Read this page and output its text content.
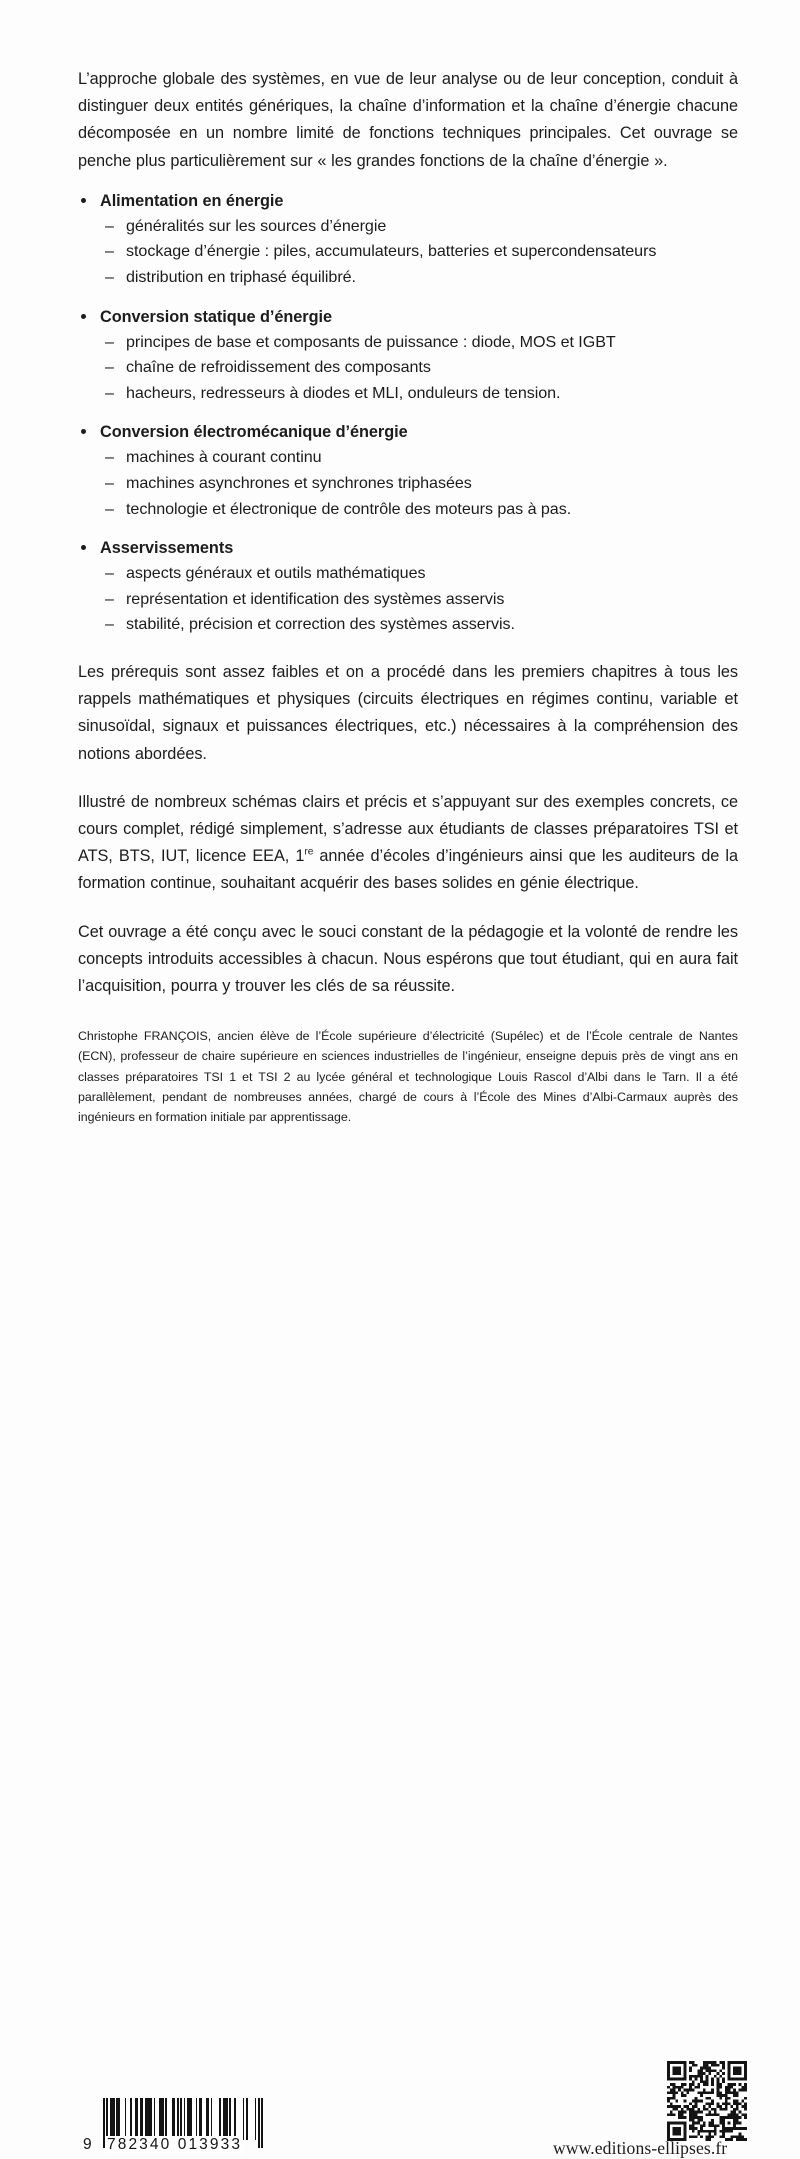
L’approche globale des systèmes, en vue de leur analyse ou de leur conception, conduit à distinguer deux entités génériques, la chaîne d’information et la chaîne d’énergie chacune décomposée en un nombre limité de fonctions techniques principales. Cet ouvrage se penche plus particulièrement sur « les grandes fonctions de la chaîne d’énergie ».

Alimentation en énergie
– généralités sur les sources d’énergie
– stockage d’énergie : piles, accumulateurs, batteries et supercondensateurs
– distribution en triphasé équilibré.
Conversion statique d’énergie
– principes de base et composants de puissance : diode, MOS et IGBT
– chaîne de refroidissement des composants
– hacheurs, redresseurs à diodes et MLI, onduleurs de tension.
Conversion électromécanique d’énergie
– machines à courant continu
– machines asynchrones et synchrones triphasées
– technologie et électronique de contrôle des moteurs pas à pas.
Asservissements
– aspects généraux et outils mathématiques
– représentation et identification des systèmes asservis
– stabilité, précision et correction des systèmes asservis.

Les prérequis sont assez faibles et on a procédé dans les premiers chapitres à tous les rappels mathématiques et physiques (circuits électriques en régimes continu, variable et sinusoïdal, signaux et puissances électriques, etc.) nécessaires à la compréhension des notions abordées.

Illustré de nombreux schémas clairs et précis et s’appuyant sur des exemples concrets, ce cours complet, rédigé simplement, s’adresse aux étudiants de classes préparatoires TSI et ATS, BTS, IUT, licence EEA, 1re année d’écoles d’ingénieurs ainsi que les auditeurs de la formation continue, souhaitant acquérir des bases solides en génie électrique.

Cet ouvrage a été conçu avec le souci constant de la pédagogie et la volonté de rendre les concepts introduits accessibles à chacun. Nous espérons que tout étudiant, qui en aura fait l’acquisition, pourra y trouver les clés de sa réussite.

Christophe FRANÇOIS, ancien élève de l’École supérieure d’électricité (Supélec) et de l’École centrale de Nantes (ECN), professeur de chaire supérieure en sciences industrielles de l’ingénieur, enseigne depuis près de vingt ans en classes préparatoires TSI 1 et TSI 2 au lycée général et technologique Louis Rascol d’Albi dans le Tarn. Il a été parallèlement, pendant de nombreuses années, chargé de cours à l’École des Mines d’Albi-Carmaux auprès des ingénieurs en formation initiale par apprentissage.

9 782340 013933	www.editions-ellipses.fr
